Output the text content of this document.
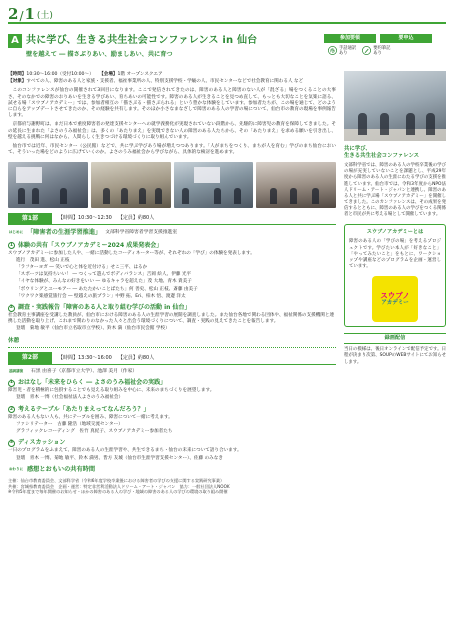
2 / 1 (土)
A 共に学び、生きる共生社会コンファレンス in 仙台
壁を越えて ― 描さぶりあい、励ましあい、共に育つ
参加要領	要申込
手話通訳
あり
要約筆記
あり
【時間】10:30〜16:00（受付10:00〜） 【会場】1階 オープンスクエア
【対象】すべての人、障害のある人と家族・支援者、福祉事業所の人、特別支援学校・学級の人、市民センターなどで社会教育に関わる人 など

このコンファレンスが仙台の開催されて3回目になります。ここで発信されてきたのは、障害のある人と障害のない人が「混ざる」場をつくることの大事さ、そのなかでの障害のおりあいを生きる学びあい、育ちあいの可能性です。障害のある人が生きることを見つめ直して、もっとも大切なことを気楽に語る、試せる場「スウブノアカデミー」では、参加者相互の「描さぶる・描さぶられる」という豊かな体験をしています。参加者たちが、この場を通じて、どのように自らをアップデートさせてきたのか、その経験を共有します。そのほか小さなまなざしで障害のある人の学習の場について、仙台市の教育の現場を事例報告します。

京都府与謝野町は、まだ日本で重度障害者の発達支援センターへの就学義務化が実現されていない段階から、先駆的に障害児の教育を保障してきました。その延長に生まれた「よさのうみ福祉会」は、多くの「あたりまえ」を実現できない人の障害のある人たちから、その「あたりまえ」を求める願いを引き出し、壁を越える挑戦に何はなから、人間らしく生きつづける環境づくりに取り組んでいます。

仙台市では近年、市民センター（公民館）などで、共に学ぶ学びあう場が増えつつあります。「人がまちをつくり、まちが人を育む」学びのまち仙台において、そういった場をどのように広げていくのか。よさのうみ福祉会から学びながら、具体的な検討を進めます。

第1部	【時間】10:30〜12:30 【定員】約80人
はじめに 「障害者の生涯学習推進」 文部科学省障害者学習支援推進室
1 体験の共有「スウブノアカデミー2024 成果発表会」
スウブノアカデミーに参加した人や、一緒に活動したコーディネーター等が、それぞれの「学び」の体験を発表します。
進行　茂田 進、松山 正枝
「ラフターヨガ ― 笑いで心と体を近付ける」せこ三平、はるか
「スポーツは気持ちいい！ ― つくって遊んでボディバランス」吉岡 絵人、伊藤 光平
「イヤな体験が、みんなの好きをいい ― ゆるキャラを超えた」茂 大地、青木 貴美子
「ボウリングとユーモアー ― あたたかいことばたち」何 善史、松山 正枝、斎藤 由美子
「ワクワク楽感覚旅行会 ― 壁越えの旅プラン」中野 拓、Eri、柏木 悟、渡邊 洋太
2 調査・実践報告「障害のある人と取り組む学びの活動 in 仙台」
社会教育主事講座を受講した教員が、仙台市における障害のある人の生涯学習の展開を調査しました。また仙台各地で関わる団体や、福祉関係の支援機関と連携した活動を取り上げ、これまで関わりのなかった人々と出会う環境づくりについて、調査・実践の見えてきたことを報告します。
登壇　菊地 敏平（仙台市立名取市立学校）、鈴木 満（仙台市民会館 学校）
休憩
第2部	【時間】13:30〜16:00 【定員】約80人
基調講演 石黒 由喜子（京都市立大学）、池澤 美月（作家）
1 おはなし「未来をひらく ― よさのうみ福祉会の実践」
障害児・者を積極的に包摂することでも見える取り組みを中心に、未来のまちづくりを展望します。
登壇　青木 一博（社会福祉法人よさのうみ福祉会）
2 考えるテーブル「あたりまえってなんだろう？」
障害のある人もない人も、共にテーブルを囲み、障害について一緒に考えます。
ファシリテーター　古藤 隆浩（地域交流センター）
グラフィックレコーディング　佐竹 真紀子、スウブノアカデミー参加者たち
3 ディスカッション
一日のプログラムをふまえて、障害のある人の生涯学習や、共生できるまち・仙台の未来について語り合います。
登壇　青木 一博、菊地 敏平、鈴木 満男、皆方 友城（仙台市生涯学習支援センター）、佐藤 のみなき
おわりに 感想とおもいの共有時間
主催：仙台市教育委員会、文部科学省（令和6年度学校卒業後における障害者の学びの支援に関する実践研究事業）
共催：宮城県教育委員会　企画・運営：特定非営利活動法人ドリーム・アート・ジャパン　協力：一般社団法人NOOK
※令和5年度まで毎年開催のお知らせ・ほかの障害のある人の学び・地域の障害のある人の学びの環境の取り組み開催
共に学び、
生きる共生社会コンファレンス

文部科学省では、障害のある人の学校卒業後の学びの場が充実していないことを課題とし、平成29年度から障害のある人の生涯にわたる学びの支援を推進しています。仙台市では、令和3年度からNPO法人ドリーム・アート・ジャパンと連携し、障害のある人と共に学ぶ場「スウブノアカデミー」を開催してきました。このカンファレンスは、その成果を発信するとともに、障害のある人の学びをつくる関係者と市民が共に考える場として開催しています。

スウブノアカデミーとは

障害のある人の「学びの場」を考えるプロジェクトです。学びたい本人が「好きなこと」「やってみたいこと」をもとに、ワークショップや講座などのプログラムを企画・運営しています。

スウブノ
アカデミー
録画配信

当日の模様は、後日オンラインで配信予定です。日程が決まり次第、SOUPのWEBサイトにてお知らせします。
